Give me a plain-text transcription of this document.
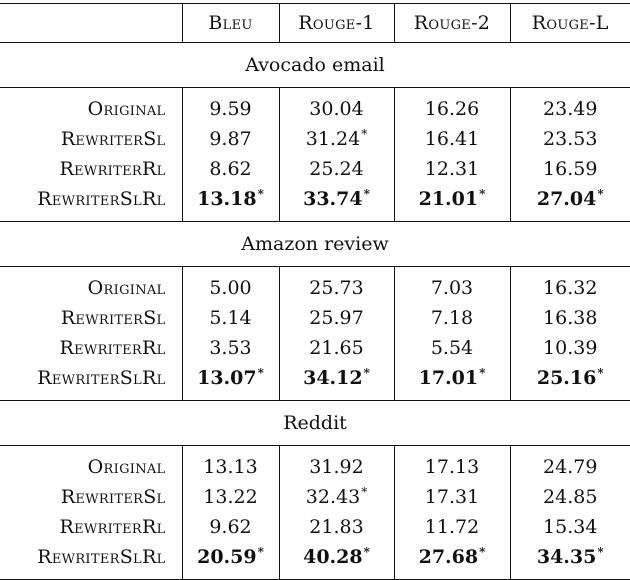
	Bleu	Rouge-1	Rouge-2	Rouge-L
Avocado email				
Original	9.59	30.04	16.26	23.49
RewriterSl	9.87	31.24*	16.41	23.53
RewriterRl	8.62	25.24	12.31	16.59
RewriterSlRl	13.18*	33.74*	21.01*	27.04*
Amazon review				
Original	5.00	25.73	7.03	16.32
RewriterSl	5.14	25.97	7.18	16.38
RewriterRl	3.53	21.65	5.54	10.39
RewriterSlRl	13.07*	34.12*	17.01*	25.16*
Reddit				
Original	13.13	31.92	17.13	24.79
RewriterSl	13.22	32.43*	17.31	24.85
RewriterRl	9.62	21.83	11.72	15.34
RewriterSlRl	20.59*	40.28*	27.68*	34.35*
